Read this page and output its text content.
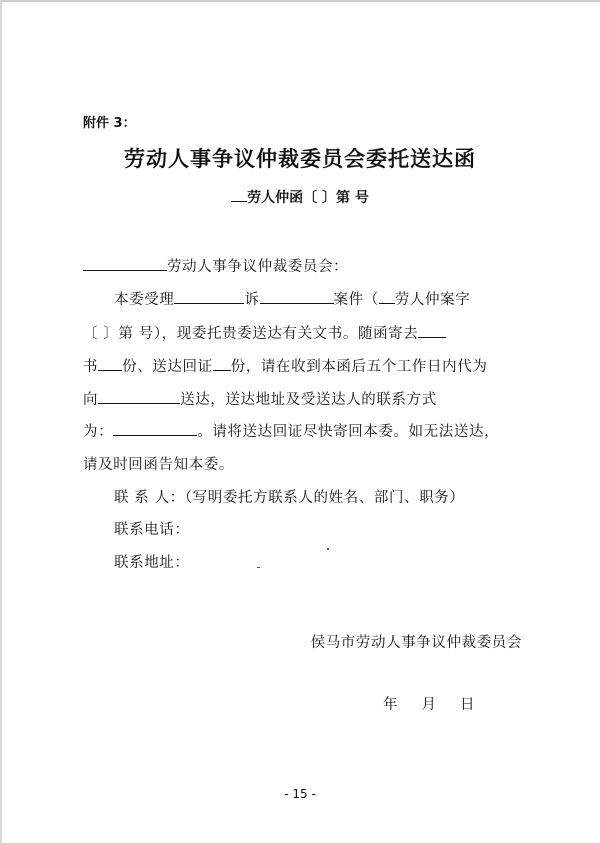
附件 3：
劳动人事争议仲裁委员会委托送达函
劳人仲函〔 〕第 号
劳动人事争议仲裁委员会：
本委受理	诉	案件（ 劳人仲案字
〔 〕第 号），现委托贵委送达有关文书。随函寄去
书 份、送达回证 份，请在收到本函后五个工作日内代为
向	送达，送达地址及受送达人的联系方式
为：	。请将送达回证尽快寄回本委。如无法送达，
请及时回函告知本委。
联 系 人：（写明委托方联系人的姓名、部门、职务）
联系电话：
联系地址：
侯马市劳动人事争议仲裁委员会
年 月 日
- 15 -
